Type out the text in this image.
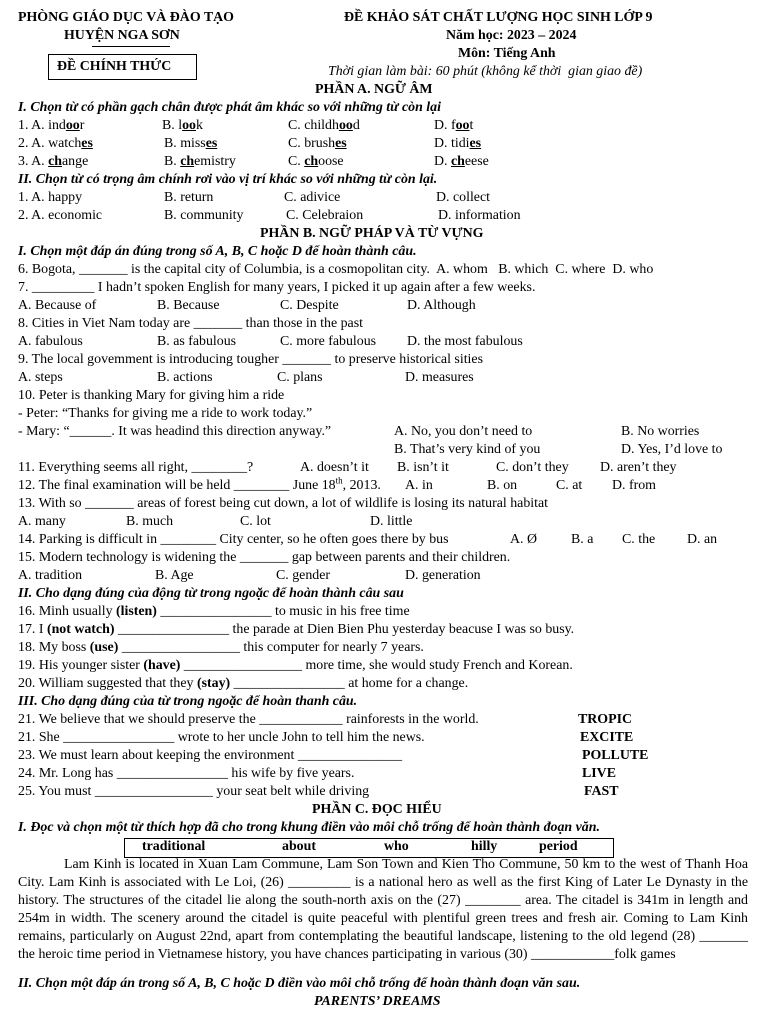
PHÒNG GIÁO DỤC VÀ ĐÀO TẠO
HUYỆN NGA SƠN
ĐỀ CHÍNH THỨC
ĐỀ KHẢO SÁT CHẤT LƯỢNG HỌC SINH LỚP 9
Năm học: 2023 – 2024
Môn: Tiếng Anh
Thời gian làm bài: 60 phút (không kể thời  gian giao đề)
PHẦN A. NGỮ ÂM
I. Chọn từ có phần gạch chân được phát âm khác so với những từ còn lại
1. A. indoor	B. look	C. childhood	D. foot
2. A. watches	B. misses	C. brushes	D. tidies
3. A. change	B. chemistry	C. choose	D. cheese
II. Chọn từ có trọng âm chính rơi vào vị trí khác so với những từ còn lại.
1. A. happy	B. return	C. adivice	D. collect
2. A. economic	B. community	C. Celebraion	D. information
PHẦN B. NGỮ PHÁP VÀ TỪ VỰNG
I. Chọn một đáp án đúng trong số A, B, C hoặc D để hoàn thành câu.
6. Bogota, _______ is the capital city of Columbia, is a cosmopolitan city.  A. whom   B. which  C. where  D. who
7. _________ I hadn’t spoken English for many years, I picked it up again after a few weeks.
A. Because of	B. Because	C. Despite	D. Although
8. Cities in Viet Nam today are _______ than those in the past
A. fabulous	B. as fabulous	C. more fabulous D. the most fabulous
9. The local govemment is introducing tougher _______ to preserve historical sities
A. steps	B. actions	C. plans	D. measures
10. Peter is thanking Mary for giving him a ride
- Peter: “Thanks for giving me a ride to work today.”
- Mary: “______. It was headind this direction anyway.”	A. No, you don’t need to	B. No worries
B. That’s very kind of you	D. Yes, I’d love to
11. Everything seems all right, ________?	A. doesn’t it B. isn’t it	C. don’t they D. aren’t they
12. The final examination will be held ________ June 18th, 2013. A. in	B. on	C. at D. from
13. With so _______ areas of forest being cut down, a lot of wildlife is losing its natural habitat
A. many	B. much	C. lot	D. little
14. Parking is difficult in ________ City center, so he often goes there by bus	A. Ø B. a C. the D. an
15. Modern technology is widening the _______ gap between parents and their children.
A. tradition	B. Age	C. gender	D. generation
II. Cho dạng đúng của động từ trong ngoặc để hoàn thành câu sau
16. Minh usually (listen) ________________ to music in his free time
17. I (not watch) ________________ the parade at Dien Bien Phu yesterday beacuse I was so busy.
18. My boss (use) _________________ this computer for nearly 7 years.
19. His younger sister (have) _________________ more time, she would study French and Korean.
20. William suggested that they (stay) ________________ at home for a change.
III. Cho dạng đúng của từ trong ngoặc để hoàn thanh câu.
21. We believe that we should preserve the ____________ rainforests in the world.	TROPIC
21. She ________________ wrote to her uncle John to tell him the news.	EXCITE
23. We must learn about keeping the environment _______________	POLLUTE
24. Mr. Long has ________________ his wife by five years.	LIVE
25. You must _________________ your seat belt while driving	FAST
PHẦN C. ĐỌC HIỂU
I. Đọc và chọn một từ thích hợp đã cho trong khung điền vào môi chỗ trống để hoàn thành đoạn văn.
traditional	about	who	hilly	period
Lam Kinh is located in Xuan Lam Commune, Lam Son Town and Kien Tho Commune, 50 km to the west of Thanh Hoa City. Lam Kinh is associated with Le Loi, (26) _________ is a national hero as well as the first King of Later Le Dynasty in the history. The structures of the citadel lie along the south-north axis on the (27) ________ area. The citadel is 341m in length and 254m in width. The scenery around the citadel is quite peaceful with plentiful green trees and fresh air. Coming to Lam Kinh remains, particularly on August 22nd, apart from contemplating the beautiful landscape, listening to the old legend (28) _______ the heroic time period in Vietnamese history, you have chances participating in various (30) ____________folk games
II. Chọn một đáp án trong số A, B, C hoặc D điền vào môi chỗ trống để hoàn thành đoạn văn sau.
PARENTS’ DREAMS
